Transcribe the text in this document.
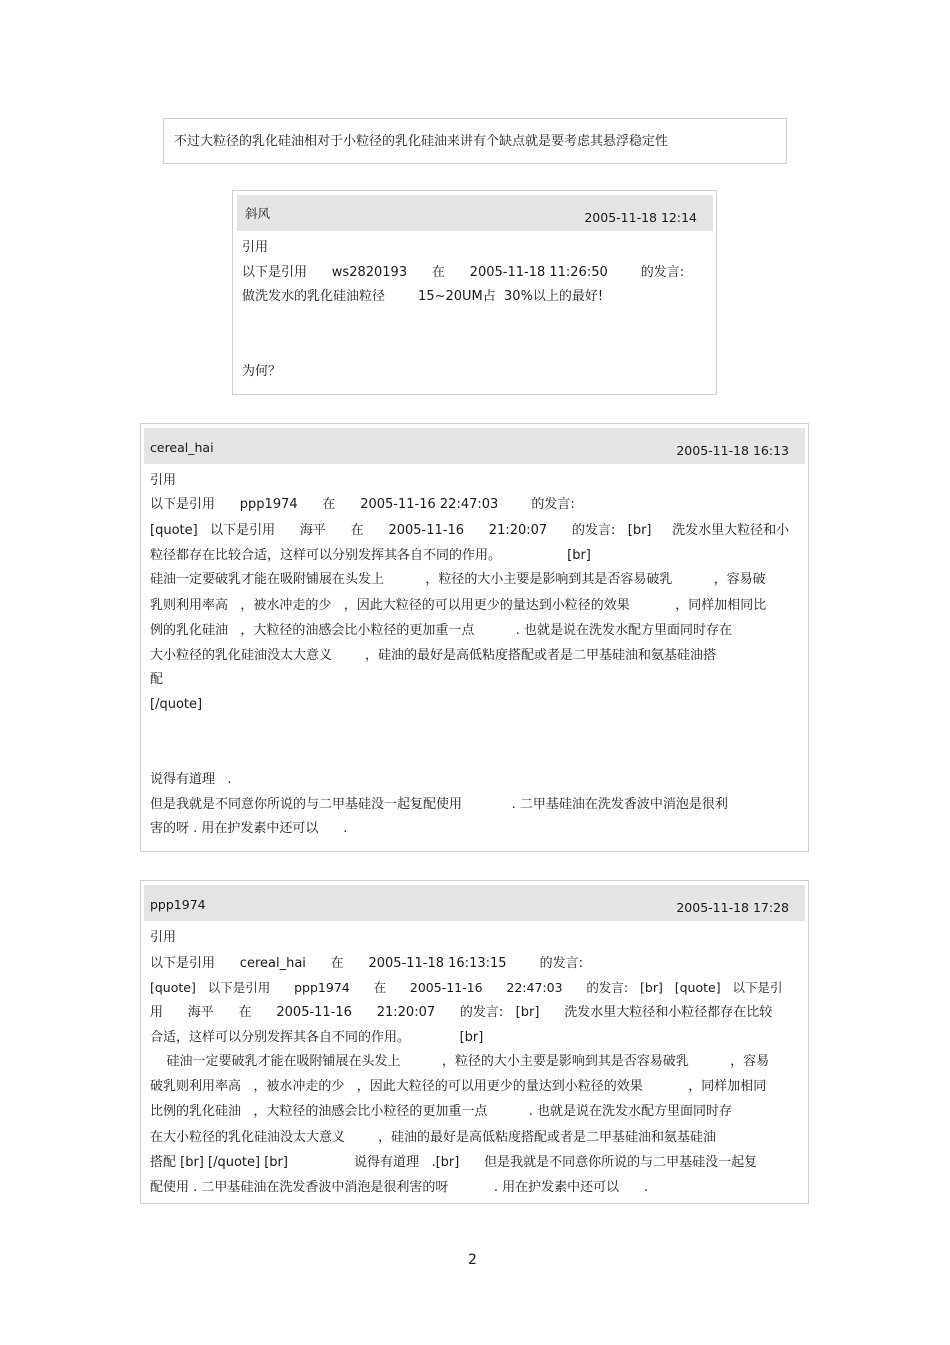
不过大粒径的乳化硅油相对于小粒径的乳化硅油来讲有个缺点就是要考虑其悬浮稳定性
斜风	2005-11-18 12:14
引用
以下是引用      ws2820193      在      2005-11-18 11:26:50        的发言:
做洗发水的乳化硅油粒径        15~20UM占  30%以上的最好!
为何？
cereal_hai	2005-11-18 16:13
引用
以下是引用      ppp1974      在      2005-11-16 22:47:03        的发言:
[quote]   以下是引用      海平      在      2005-11-16      21:20:07      的发言:   [br]     洗发水里大粒径和小
粒径都存在比较合适，这样可以分别发挥其各自不同的作用。                [br]
硅油一定要破乳才能在吸附铺展在头发上          ，粒径的大小主要是影响到其是否容易破乳          ，容易破
乳则利用率高   ，被水冲走的少   ，因此大粒径的可以用更少的量达到小粒径的效果           ，同样加相同比
例的乳化硅油   ，大粒径的油感会比小粒径的更加重一点          . 也就是说在洗发水配方里面同时存在
大小粒径的乳化硅油没太大意义        ，硅油的最好是高低粘度搭配或者是二甲基硅油和氨基硅油搭
配
[/quote]
说得有道理   .
但是我就是不同意你所说的与二甲基硅没一起复配使用            . 二甲基硅油在洗发香波中消泡是很利
害的呀 . 用在护发素中还可以      .
ppp1974	2005-11-18 17:28
引用
以下是引用      cereal_hai      在      2005-11-18 16:13:15        的发言:
[quote]   以下是引用      ppp1974      在      2005-11-16      22:47:03      的发言:   [br]   [quote]   以下是引
用      海平      在      2005-11-16      21:20:07      的发言:   [br]      洗发水里大粒径和小粒径都存在比较
合适，这样可以分别发挥其各自不同的作用。            [br]
硅油一定要破乳才能在吸附铺展在头发上          ，粒径的大小主要是影响到其是否容易破乳          ，容易
破乳则利用率高   ，被水冲走的少   ，因此大粒径的可以用更少的量达到小粒径的效果           ，同样加相同
比例的乳化硅油   ，大粒径的油感会比小粒径的更加重一点          . 也就是说在洗发水配方里面同时存
在大小粒径的乳化硅油没太大意义        ，硅油的最好是高低粘度搭配或者是二甲基硅油和氨基硅油
搭配 [br] [/quote] [br]                说得有道理   .[br]      但是我就是不同意你所说的与二甲基硅没一起复
配使用 . 二甲基硅油在洗发香波中消泡是很利害的呀           . 用在护发素中还可以      .
2
